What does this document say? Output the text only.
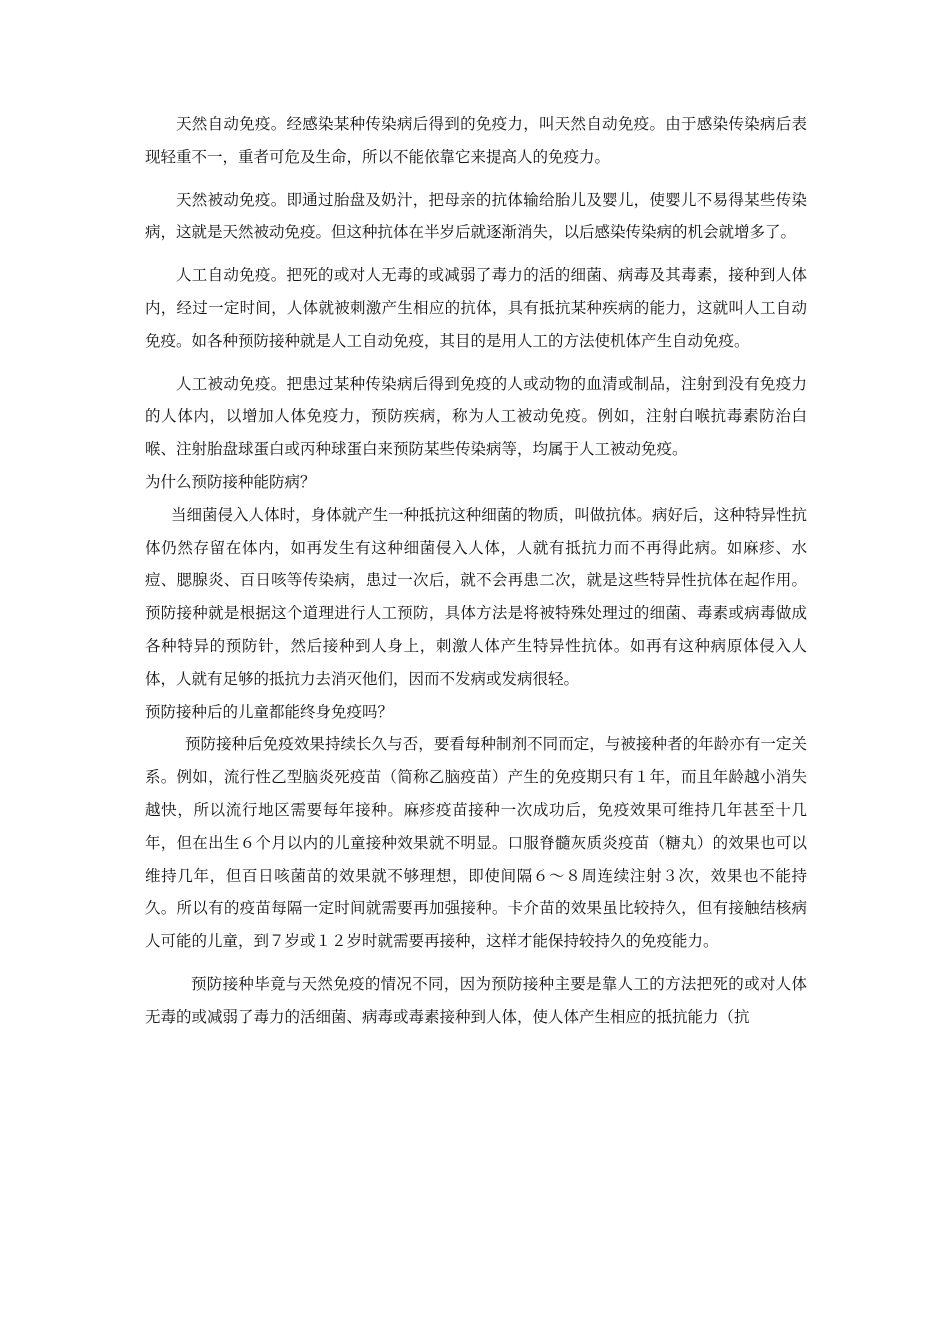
天然自动免疫。经感染某种传染病后得到的免疫力，叫天然自动免疫。由于感染传染病后表现轻重不一，重者可危及生命，所以不能依靠它来提高人的免疫力。

天然被动免疫。即通过胎盘及奶汁，把母亲的抗体输给胎儿及婴儿，使婴儿不易得某些传染病，这就是天然被动免疫。但这种抗体在半岁后就逐渐消失，以后感染传染病的机会就增多了。

人工自动免疫。把死的或对人无毒的或减弱了毒力的活的细菌、病毒及其毒素，接种到人体内，经过一定时间，人体就被刺激产生相应的抗体，具有抵抗某种疾病的能力，这就叫人工自动免疫。如各种预防接种就是人工自动免疫，其目的是用人工的方法使机体产生自动免疫。

人工被动免疫。把患过某种传染病后得到免疫的人或动物的血清或制品，注射到没有免疫力的人体内，以增加人体免疫力，预防疾病，称为人工被动免疫。例如，注射白喉抗毒素防治白喉、注射胎盘球蛋白或丙种球蛋白来预防某些传染病等，均属于人工被动免疫。

为什么预防接种能防病？

当细菌侵入人体时，身体就产生一种抵抗这种细菌的物质，叫做抗体。病好后，这种特异性抗体仍然存留在体内，如再发生有这种细菌侵入人体，人就有抵抗力而不再得此病。如麻疹、水痘、腮腺炎、百日咳等传染病，患过一次后，就不会再患二次，就是这些特异性抗体在起作用。预防接种就是根据这个道理进行人工预防，具体方法是将被特殊处理过的细菌、毒素或病毒做成各种特异的预防针，然后接种到人身上，刺激人体产生特异性抗体。如再有这种病原体侵入人体，人就有足够的抵抗力去消灭他们，因而不发病或发病很轻。

预防接种后的儿童都能终身免疫吗？

预防接种后免疫效果持续长久与否，要看每种制剂不同而定，与被接种者的年龄亦有一定关系。例如，流行性乙型脑炎死疫苗（简称乙脑疫苗）产生的免疫期只有１年，而且年龄越小消失越快，所以流行地区需要每年接种。麻疹疫苗接种一次成功后，免疫效果可维持几年甚至十几年，但在出生６个月以内的儿童接种效果就不明显。口服脊髓灰质炎疫苗（糖丸）的效果也可以维持几年，但百日咳菌苗的效果就不够理想，即使间隔６～８周连续注射３次，效果也不能持久。所以有的疫苗每隔一定时间就需要再加强接种。卡介苗的效果虽比较持久，但有接触结核病人可能的儿童，到７岁或１２岁时就需要再接种，这样才能保持较持久的免疫能力。

预防接种毕竟与天然免疫的情况不同，因为预防接种主要是靠人工的方法把死的或对人体无毒的或减弱了毒力的活细菌、病毒或毒素接种到人体，使人体产生相应的抵抗能力（抗
